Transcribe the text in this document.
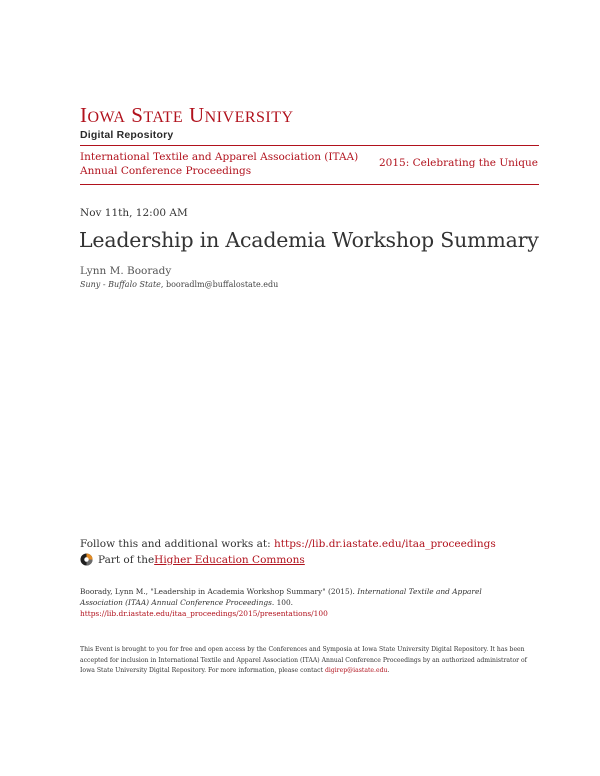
IOWA STATE UNIVERSITY
Digital Repository
International Textile and Apparel Association (ITAA) Annual Conference Proceedings
2015: Celebrating the Unique
Nov 11th, 12:00 AM
Leadership in Academia Workshop Summary
Lynn M. Boorady
Suny - Buffalo State, booradlm@buffalostate.edu
Follow this and additional works at: https://lib.dr.iastate.edu/itaa_proceedings
Part of the Higher Education Commons
Boorady, Lynn M., "Leadership in Academia Workshop Summary" (2015). International Textile and Apparel Association (ITAA) Annual Conference Proceedings. 100.
https://lib.dr.iastate.edu/itaa_proceedings/2015/presentations/100
This Event is brought to you for free and open access by the Conferences and Symposia at Iowa State University Digital Repository. It has been accepted for inclusion in International Textile and Apparel Association (ITAA) Annual Conference Proceedings by an authorized administrator of Iowa State University Digital Repository. For more information, please contact digirep@iastate.edu.
